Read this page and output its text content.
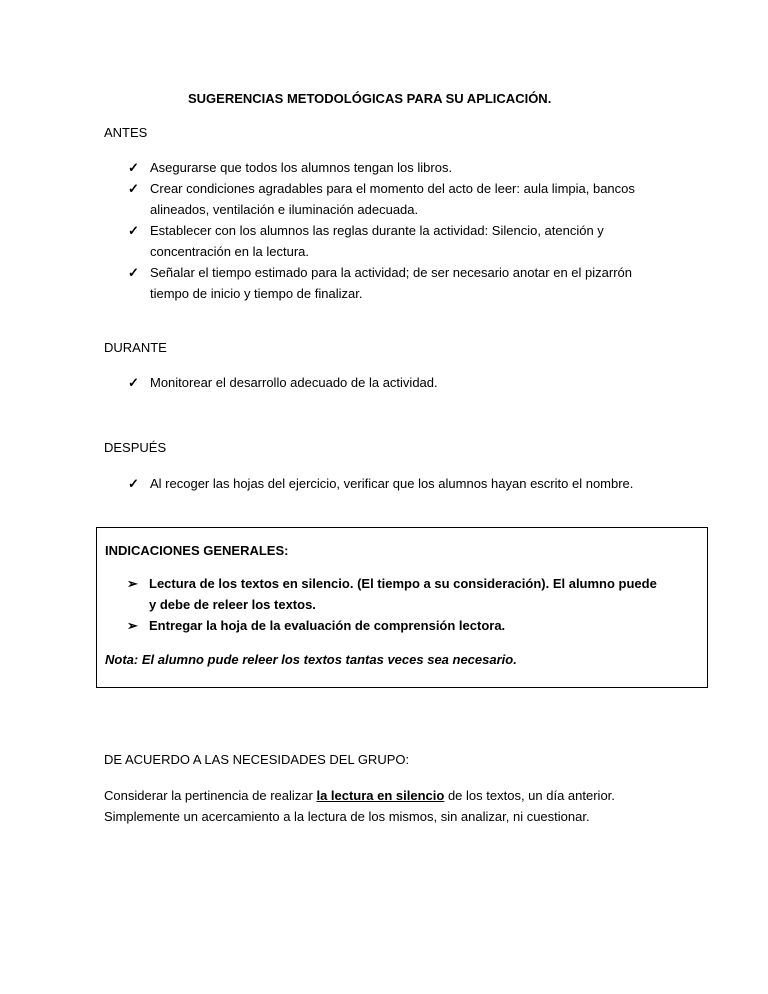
SUGERENCIAS METODOLÓGICAS PARA SU APLICACIÓN.
ANTES
✓
Asegurarse que todos los alumnos tengan los libros.
✓
Crear condiciones agradables para el momento del acto de leer: aula limpia, bancos
alineados, ventilación e iluminación adecuada.
✓
Establecer con los alumnos las reglas durante la actividad: Silencio, atención y
concentración en la lectura.
✓
Señalar el tiempo estimado para la actividad; de ser necesario anotar en el pizarrón
tiempo de inicio y tiempo de finalizar.
DURANTE
✓
Monitorear el desarrollo adecuado de la actividad.
DESPUÉS
✓
Al recoger las hojas del ejercicio, verificar que los alumnos hayan escrito el nombre.
INDICACIONES GENERALES:
➢
Lectura de los textos en silencio. (El tiempo a su consideración). El alumno puede
y debe de releer los textos.
➢
Entregar la hoja de la evaluación de comprensión lectora.
Nota: El alumno pude releer los textos tantas veces sea necesario.
DE ACUERDO A LAS NECESIDADES DEL GRUPO:
Considerar la pertinencia de realizar la lectura en silencio de los textos, un día anterior.
Simplemente un acercamiento a la lectura de los mismos, sin analizar, ni cuestionar.
